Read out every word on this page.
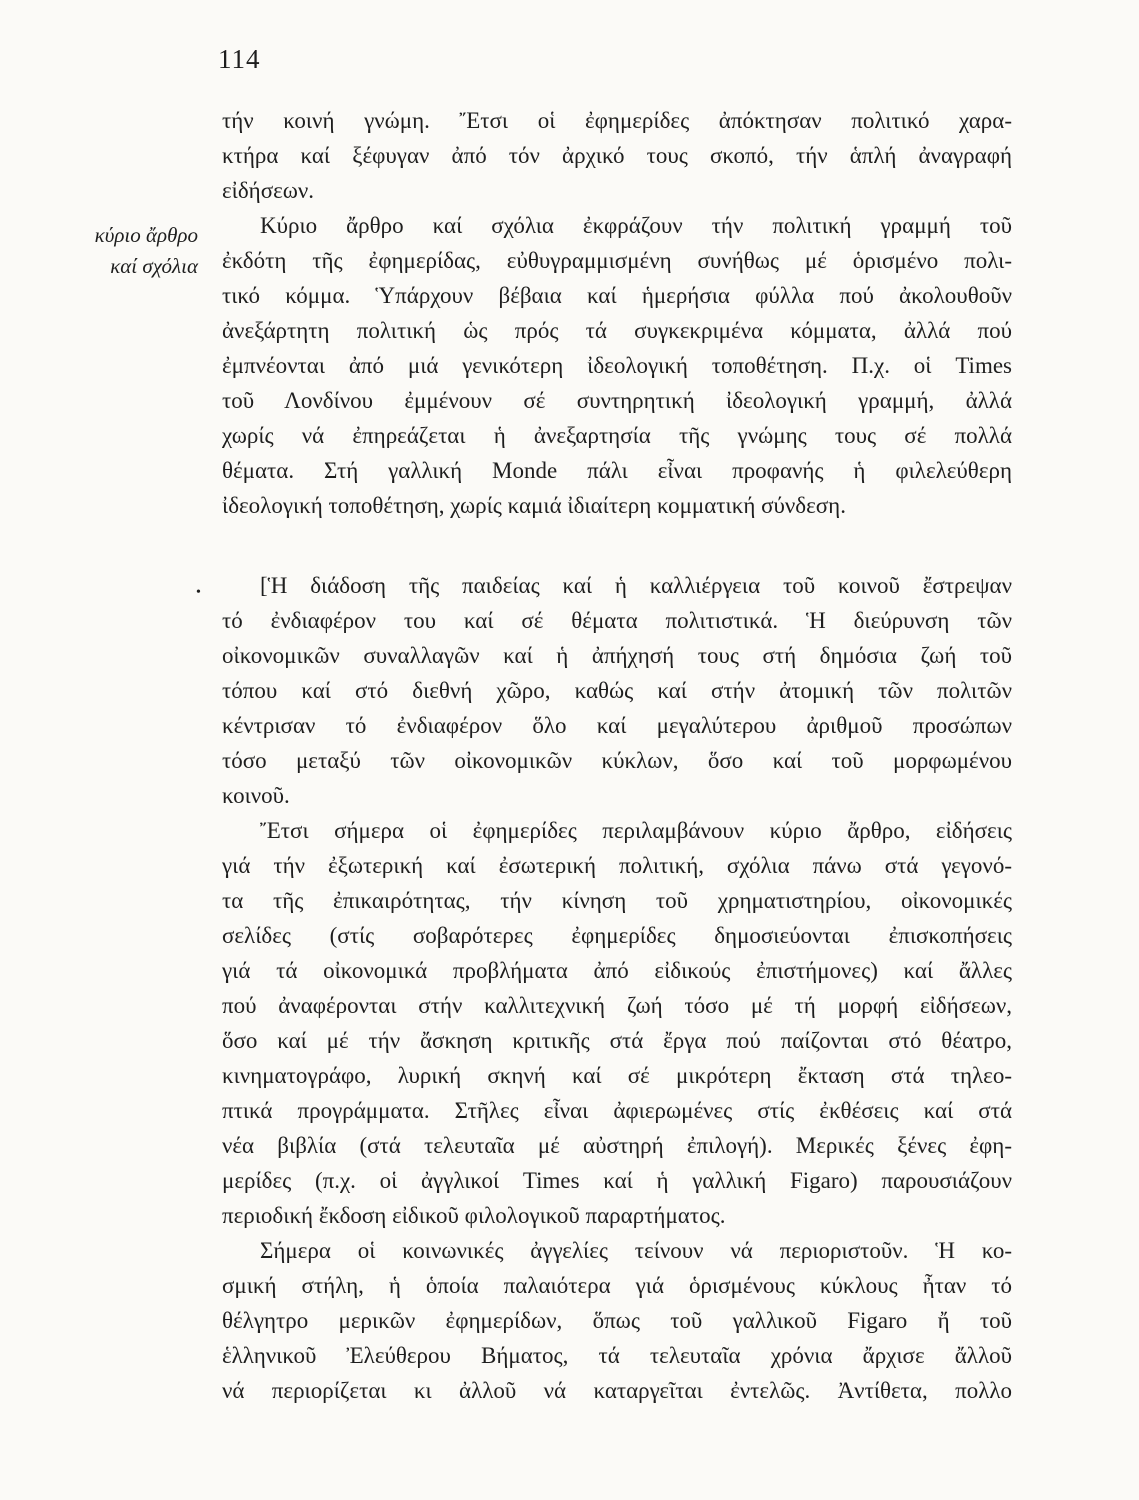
114
κύριο ἄρθρο
καί σχόλια
τήν κοινή γνώμη. Ἔτσι οἱ ἐφημερίδες ἀπόκτησαν πολιτικό χαρα-
κτήρα καί ξέφυγαν ἀπό τόν ἀρχικό τους σκοπό, τήν ἁπλή ἀναγραφή
εἰδήσεων.
Κύριο ἄρθρο καί σχόλια ἐκφράζουν τήν πολιτική γραμμή τοῦ
ἐκδότη τῆς ἐφημερίδας, εὐθυγραμμισμένη συνήθως μέ ὁρισμένο πολι-
τικό κόμμα. Ὑπάρχουν βέβαια καί ἡμερήσια φύλλα πού ἀκολουθοῦν
ἀνεξάρτητη πολιτική ὡς πρός τά συγκεκριμένα κόμματα, ἀλλά πού
ἐμπνέονται ἀπό μιά γενικότερη ἰδεολογική τοποθέτηση. Π.χ. οἱ Times
τοῦ Λονδίνου ἐμμένουν σέ συντηρητική ἰδεολογική γραμμή, ἀλλά
χωρίς νά ἐπηρεάζεται ἡ ἀνεξαρτησία τῆς γνώμης τους σέ πολλά
θέματα. Στή γαλλική Monde πάλι εἶναι προφανής ἡ φιλελεύθερη
ἰδεολογική τοποθέτηση, χωρίς καμιά ἰδιαίτερη κομματική σύνδεση.
•	[Ἡ διάδοση τῆς παιδείας καί ἡ καλλιέργεια τοῦ κοινοῦ ἔστρεψαν
τό ἐνδιαφέρον του καί σέ θέματα πολιτιστικά. Ἡ διεύρυνση τῶν
οἰκονομικῶν συναλλαγῶν καί ἡ ἀπήχησή τους στή δημόσια ζωή τοῦ
τόπου καί στό διεθνή χῶρο, καθώς καί στήν ἀτομική τῶν πολιτῶν
κέντρισαν τό ἐνδιαφέρον ὅλο καί μεγαλύτερου ἀριθμοῦ προσώπων
τόσο μεταξύ τῶν οἰκονομικῶν κύκλων, ὅσο καί τοῦ μορφωμένου
κοινοῦ.
Ἔτσι σήμερα οἱ ἐφημερίδες περιλαμβάνουν κύριο ἄρθρο, εἰδήσεις
γιά τήν ἐξωτερική καί ἐσωτερική πολιτική, σχόλια πάνω στά γεγονό-
τα τῆς ἐπικαιρότητας, τήν κίνηση τοῦ χρηματιστηρίου, οἰκονομικές
σελίδες (στίς σοβαρότερες ἐφημερίδες δημοσιεύονται ἐπισκοπήσεις
γιά τά οἰκονομικά προβλήματα ἀπό εἰδικούς ἐπιστήμονες) καί ἄλλες
πού ἀναφέρονται στήν καλλιτεχνική ζωή τόσο μέ τή μορφή εἰδήσεων,
ὅσο καί μέ τήν ἄσκηση κριτικῆς στά ἔργα πού παίζονται στό θέατρο,
κινηματογράφο, λυρική σκηνή καί σέ μικρότερη ἔκταση στά τηλεο-
πτικά προγράμματα. Στῆλες εἶναι ἀφιερωμένες στίς ἐκθέσεις καί στά
νέα βιβλία (στά τελευταῖα μέ αὐστηρή ἐπιλογή). Μερικές ξένες ἐφη-
μερίδες (π.χ. οἱ ἀγγλικοί Times καί ἡ γαλλική Figaro) παρουσιάζουν
περιοδική ἔκδοση εἰδικοῦ φιλολογικοῦ παραρτήματος.
Σήμερα οἱ κοινωνικές ἀγγελίες τείνουν νά περιοριστοῦν. Ἡ κο-
σμική στήλη, ἡ ὁποία παλαιότερα γιά ὁρισμένους κύκλους ἦταν τό
θέλγητρο μερικῶν ἐφημερίδων, ὅπως τοῦ γαλλικοῦ Figaro ἤ τοῦ
ἑλληνικοῦ Ἐλεύθερου Βήματος, τά τελευταῖα χρόνια ἄρχισε ἄλλοῦ
νά περιορίζεται κι ἀλλοῦ νά καταργεῖται ἐντελῶς. Ἀντίθετα, πολλο
